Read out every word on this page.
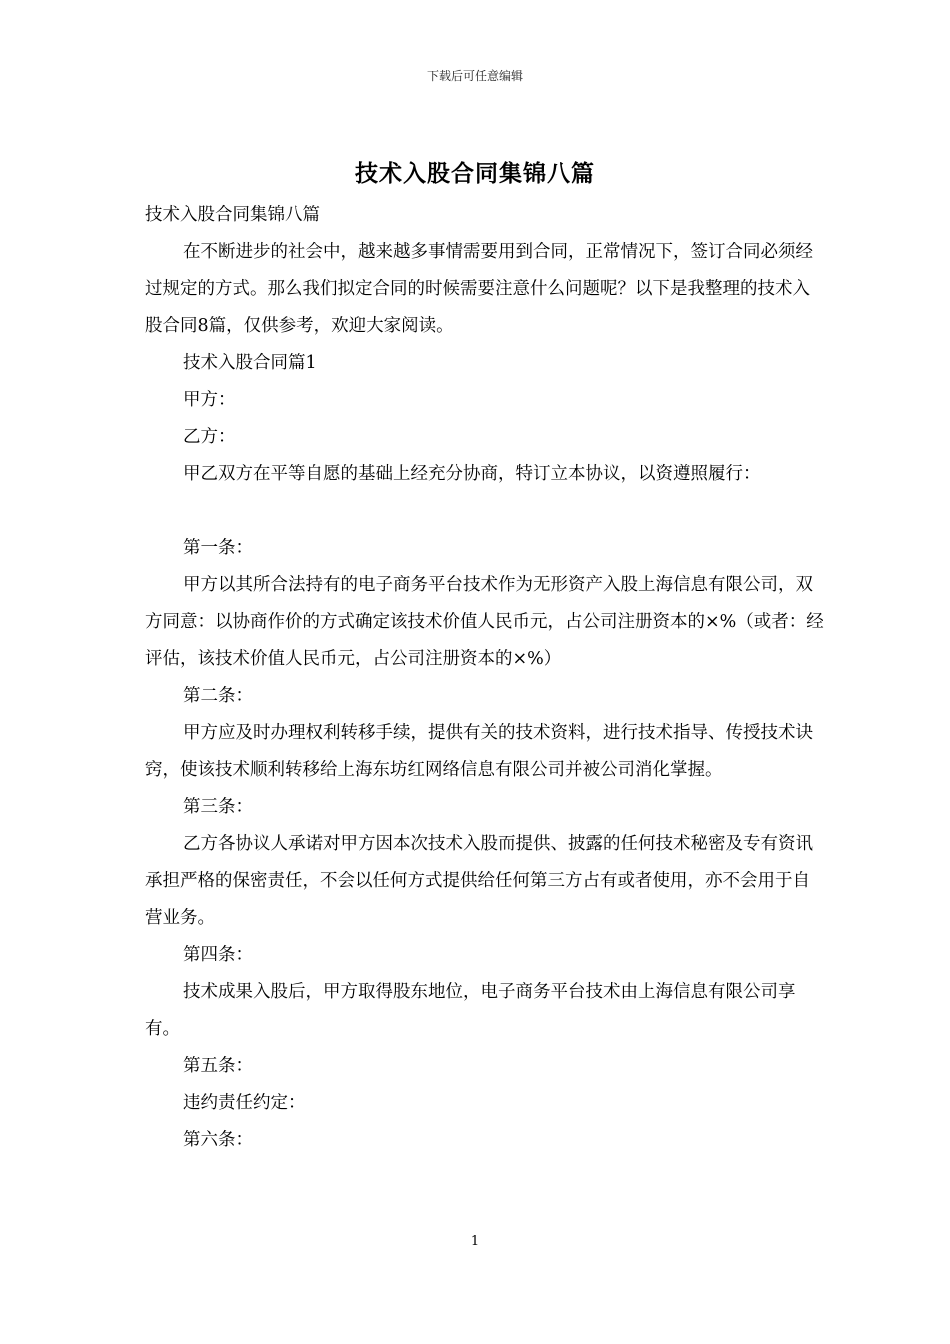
下载后可任意编辑
技术入股合同集锦八篇

技术入股合同集锦八篇

在不断进步的社会中，越来越多事情需要用到合同，正常情况下，签订合同必须经过规定的方式。那么我们拟定合同的时候需要注意什么问题呢？以下是我整理的技术入股合同8篇，仅供参考，欢迎大家阅读。

技术入股合同篇1

甲方：

乙方：

甲乙双方在平等自愿的基础上经充分协商，特订立本协议，以资遵照履行：

第一条：

甲方以其所合法持有的电子商务平台技术作为无形资产入股上海信息有限公司，双方同意：以协商作价的方式确定该技术价值人民币元，占公司注册资本的×%（或者：经评估，该技术价值人民币元，占公司注册资本的×%）

第二条：

甲方应及时办理权利转移手续，提供有关的技术资料，进行技术指导、传授技术诀窍，使该技术顺利转移给上海东坊红网络信息有限公司并被公司消化掌握。

第三条：

乙方各协议人承诺对甲方因本次技术入股而提供、披露的任何技术秘密及专有资讯承担严格的保密责任，不会以任何方式提供给任何第三方占有或者使用，亦不会用于自营业务。

第四条：

技术成果入股后，甲方取得股东地位，电子商务平台技术由上海信息有限公司享有。

第五条：

违约责任约定：

第六条：

1
